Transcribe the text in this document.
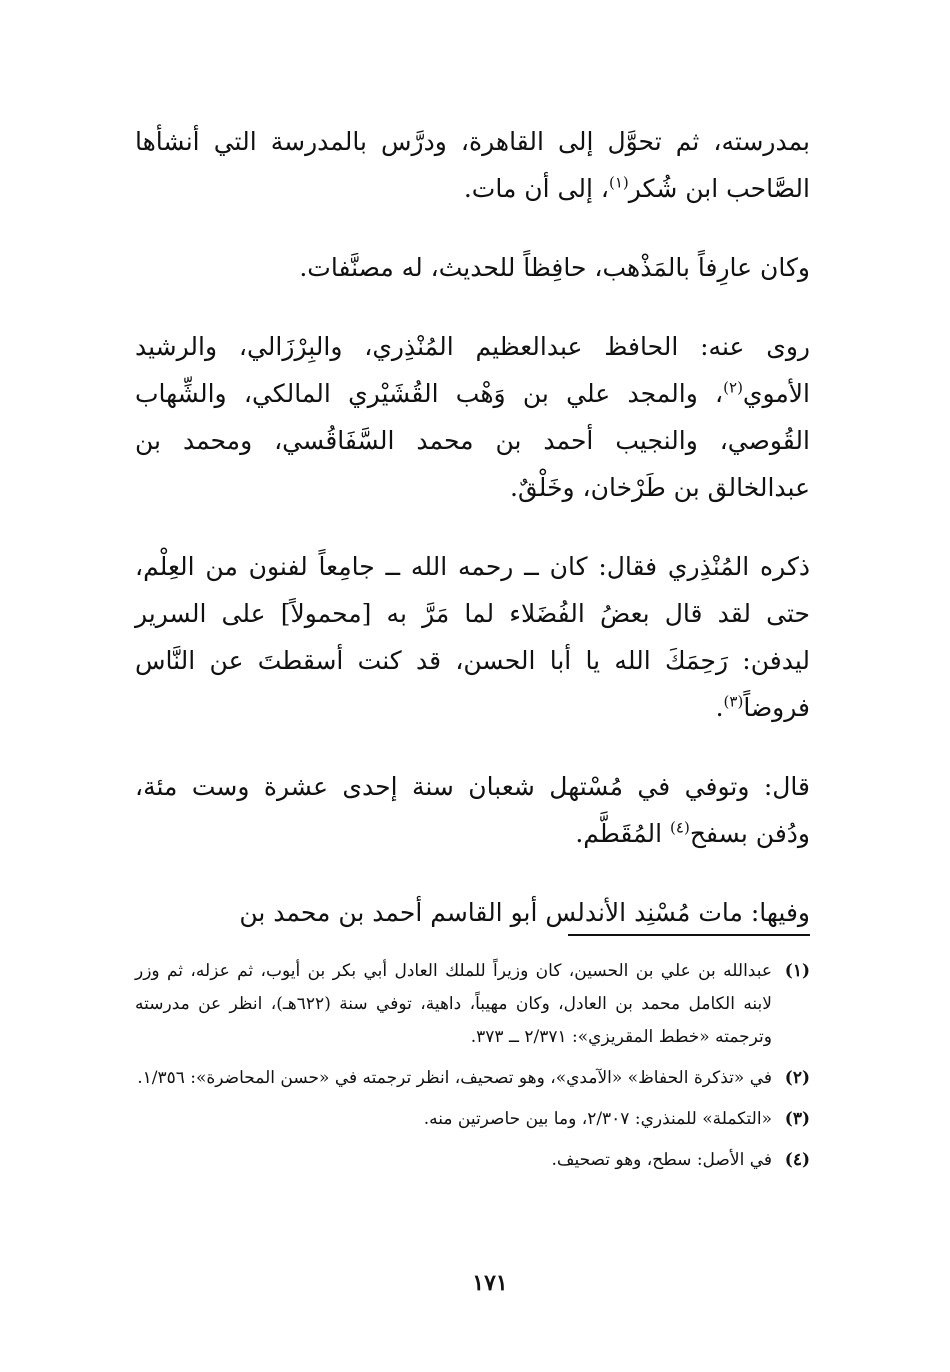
بمدرسته، ثم تحوَّل إلى القاهرة، ودرَّس بالمدرسة التي أنشأها الصَّاحب ابن شُكر$^{(١)}$، إلى أن مات.

وكان عارِفاً بالمَذْهب، حافِظاً للحديث، له مصنَّفات.

روى عنه: الحافظ عبدالعظيم المُنْذِري، والبِرْزَالي، والرشيد الأموي$^{(٢)}$، والمجد علي بن وَهْب القُشَيْري المالكي، والشِّهاب القُوصي، والنجيب أحمد بن محمد السَّفَاقُسي، ومحمد بن عبدالخالق بن طَرْخان، وخَلْقٌ.

ذكره المُنْذِري فقال: كان ــ رحمه الله ــ جامِعاً لفنون من العِلْم، حتى لقد قال بعضُ الفُضَلاء لما مَرَّ به [محمولاً] على السرير ليدفن: رَحِمَكَ الله يا أبا الحسن، قد كنت أسقطتَ عن النَّاس فروضاً$^{(٣)}$.

قال: وتوفي في مُسْتهل شعبان سنة إحدى عشرة وست مئة، ودُفن بسفح$^{(٤)}$ المُقَطَّم.

وفيها: مات مُسْنِد الأندلس أبو القاسم أحمد بن محمد بن

(١)
عبدالله بن علي بن الحسين، كان وزيراً للملك العادل أبي بكر بن أيوب، ثم عزله، ثم وزر لابنه الكامل محمد بن العادل، وكان مهيباً، داهية، توفي سنة (٦٢٢هـ)، انظر عن مدرسته وترجمته «خطط المقريزي»: ٢/٣٧١ ــ ٣٧٣.
(٢)
في «تذكرة الحفاظ» «الآمدي»، وهو تصحيف، انظر ترجمته في «حسن المحاضرة»: ١/٣٥٦.
(٣)
«التكملة» للمنذري: ٢/٣٠٧، وما بين حاصرتين منه.
(٤)
في الأصل: سطح، وهو تصحيف.
١٧١
